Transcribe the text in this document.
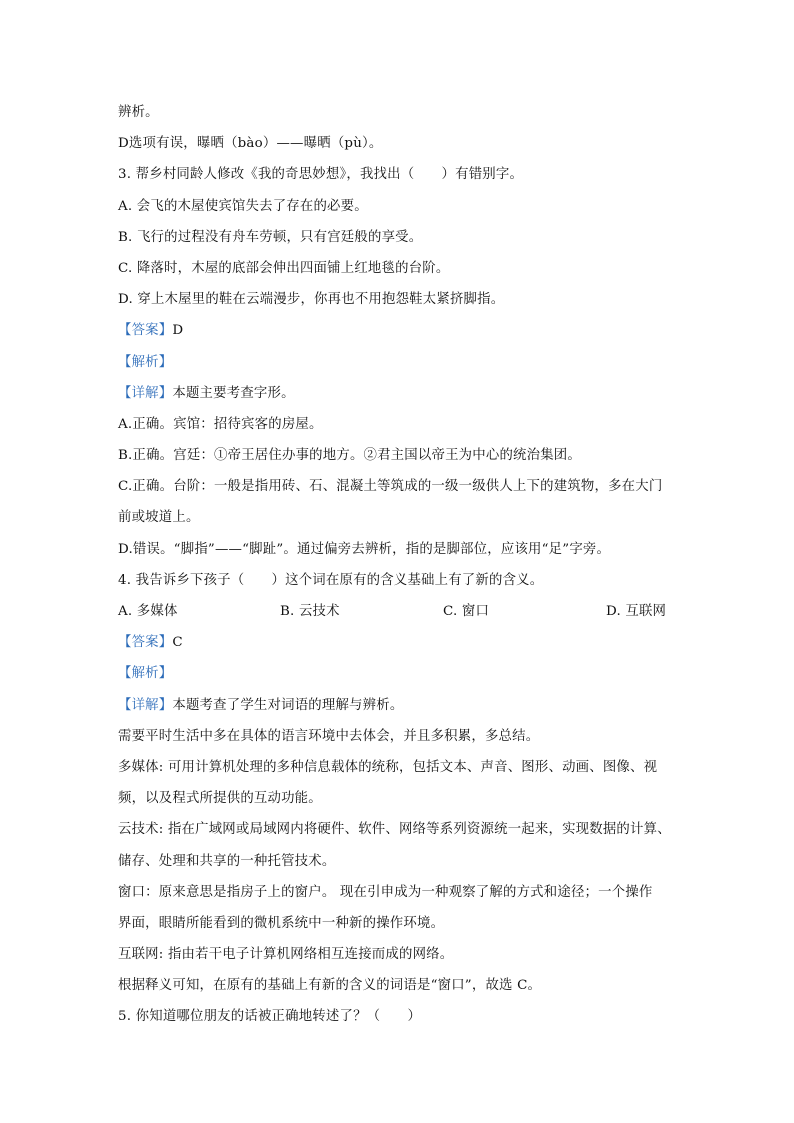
辨析。
D选项有误，曝晒（bào）——曝晒（pù）。
3. 帮乡村同龄人修改《我的奇思妙想》，我找出（　　）有错别字。
A. 会飞的木屋使宾馆失去了存在的必要。
B. 飞行的过程没有舟车劳顿，只有宫廷般的享受。
C. 降落时，木屋的底部会伸出四面铺上红地毯的台阶。
D. 穿上木屋里的鞋在云端漫步，你再也不用抱怨鞋太紧挤脚指。
【答案】D
【解析】
【详解】本题主要考查字形。
A.正确。宾馆：招待宾客的房屋。
B.正确。宫廷：①帝王居住办事的地方。②君主国以帝王为中心的统治集团。
C.正确。台阶：一般是指用砖、石、混凝土等筑成的一级一级供人上下的建筑物，多在大门
前或坡道上。
D.错误。“脚指”——“脚趾”。通过偏旁去辨析，指的是脚部位，应该用“足”字旁。
4. 我告诉乡下孩子（　　）这个词在原有的含义基础上有了新的含义。
A. 多媒体	B. 云技术	C. 窗口	D. 互联网
【答案】C
【解析】
【详解】本题考查了学生对词语的理解与辨析。
需要平时生活中多在具体的语言环境中去体会，并且多积累，多总结。
多媒体: 可用计算机处理的多种信息载体的统称，包括文本、声音、图形、动画、图像、视
频，以及程式所提供的互动功能。
云技术: 指在广域网或局域网内将硬件、软件、网络等系列资源统一起来，实现数据的计算、
储存、处理和共享的一种托管技术。
窗口：原来意思是指房子上的窗户。 现在引申成为一种观察了解的方式和途径；一个操作
界面，眼睛所能看到的微机系统中一种新的操作环境。
互联网: 指由若干电子计算机网络相互连接而成的网络。
根据释义可知，在原有的基础上有新的含义的词语是“窗口”，故选 C。
5. 你知道哪位朋友的话被正确地转述了？（　　）
